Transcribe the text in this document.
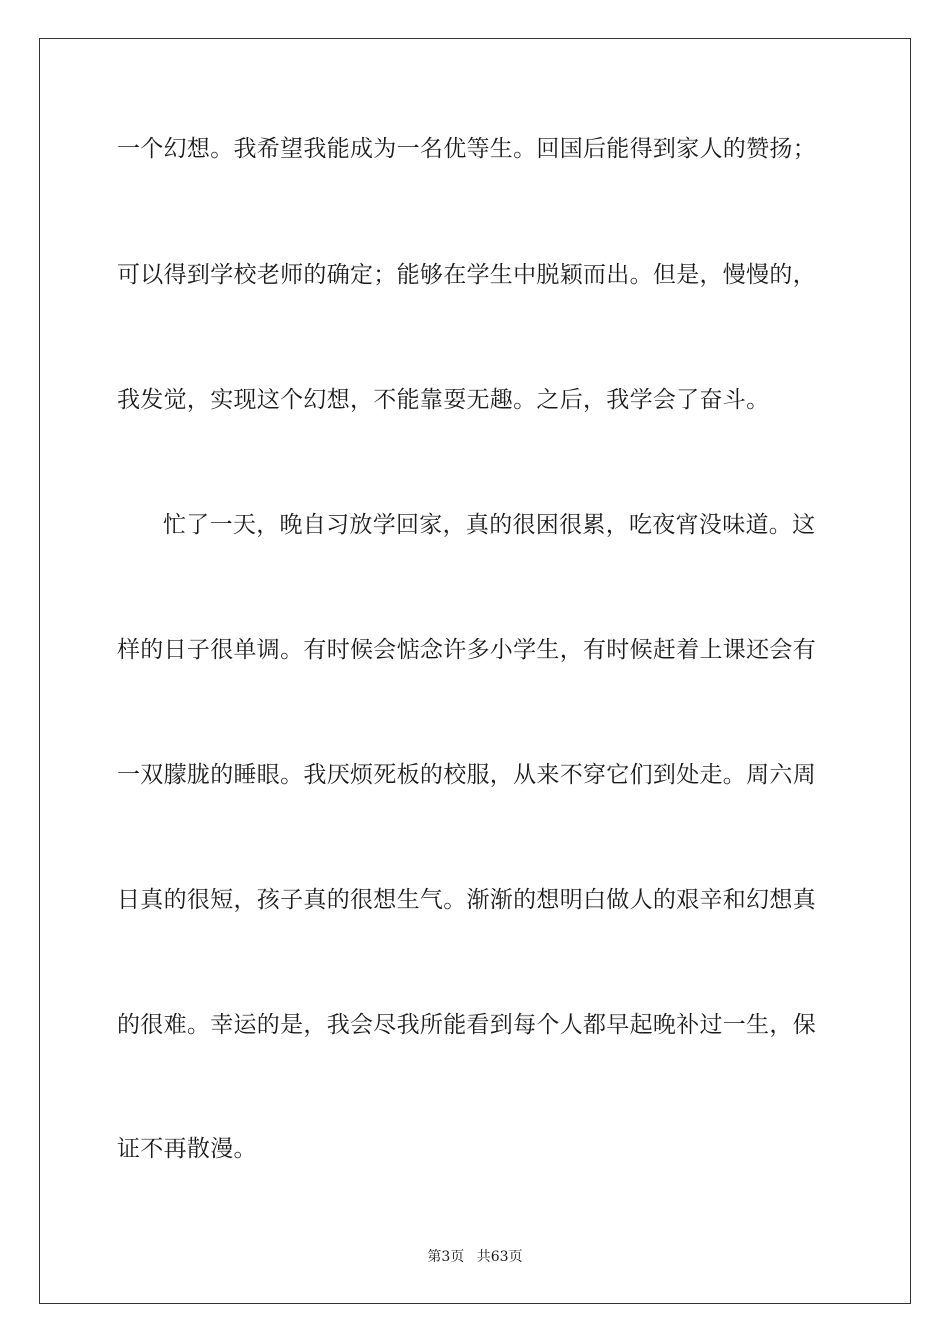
一个幻想。我希望我能成为一名优等生。回国后能得到家人的赞扬；
可以得到学校老师的确定；能够在学生中脱颖而出。但是，慢慢的，
我发觉，实现这个幻想，不能靠耍无趣。之后，我学会了奋斗。
忙了一天，晚自习放学回家，真的很困很累，吃夜宵没味道。这
样的日子很单调。有时候会惦念许多小学生，有时候赶着上课还会有
一双朦胧的睡眼。我厌烦死板的校服，从来不穿它们到处走。周六周
日真的很短，孩子真的很想生气。渐渐的想明白做人的艰辛和幻想真
的很难。幸运的是，我会尽我所能看到每个人都早起晚补过一生，保
证不再散漫。
第3页 共63页
